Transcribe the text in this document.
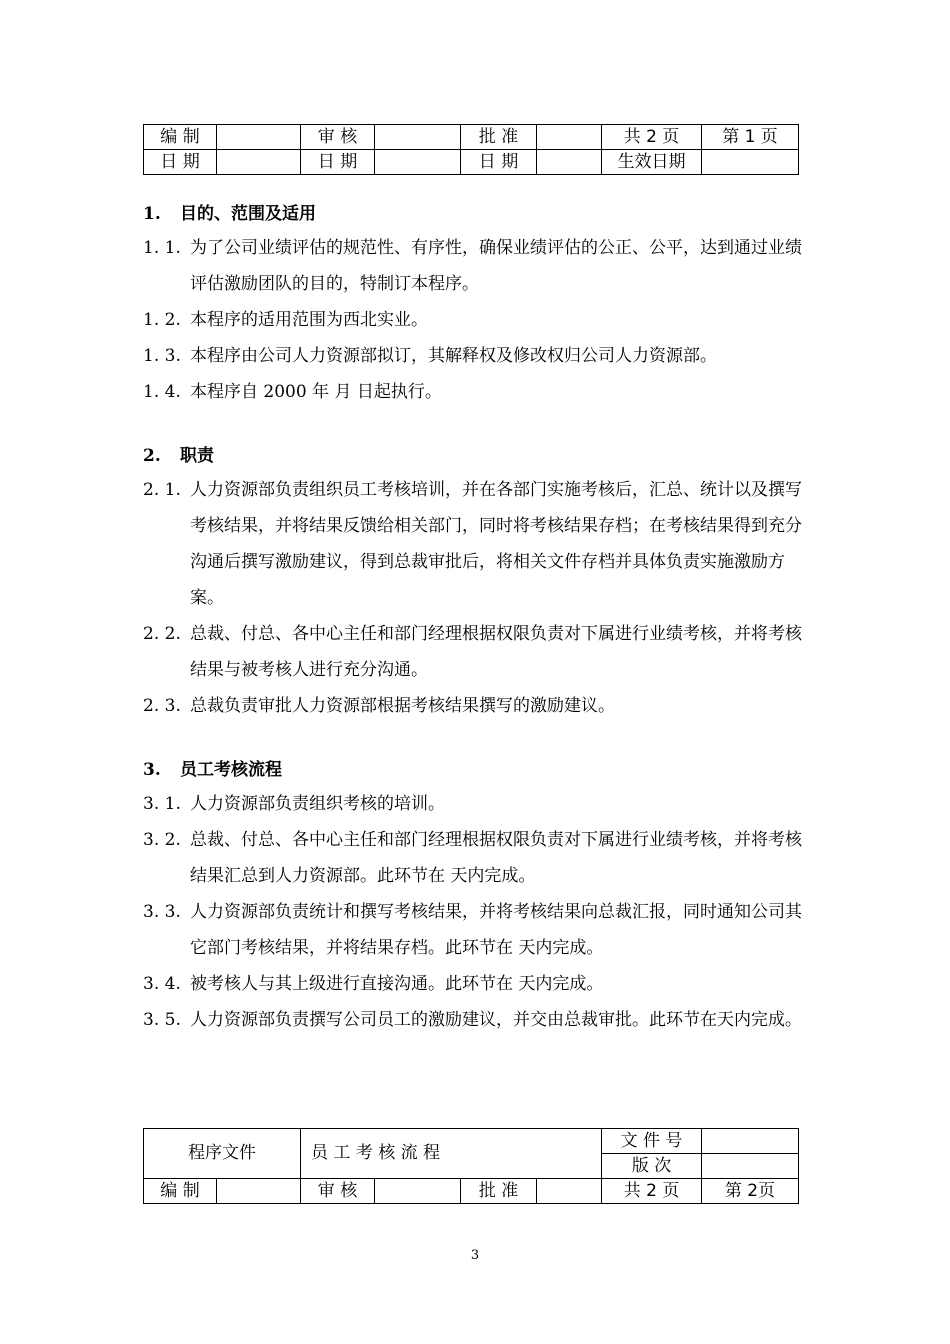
编 制		审 核		批 准		共 2 页	第 1 页
日 期		日 期		日 期		生效日期	
1. 目的、范围及适用
1. 1. 为了公司业绩评估的规范性、有序性，确保业绩评估的公正、公平，达到通过业绩评估激励团队的目的，特制订本程序。
1. 2. 本程序的适用范围为西北实业。
1. 3. 本程序由公司人力资源部拟订，其解释权及修改权归公司人力资源部。
1. 4. 本程序自 2000 年 月 日起执行。
2. 职责
2. 1. 人力资源部负责组织员工考核培训，并在各部门实施考核后，汇总、统计以及撰写考核结果，并将结果反馈给相关部门，同时将考核结果存档；在考核结果得到充分沟通后撰写激励建议，得到总裁审批后，将相关文件存档并具体负责实施激励方案。
2. 2. 总裁、付总、各中心主任和部门经理根据权限负责对下属进行业绩考核，并将考核结果与被考核人进行充分沟通。
2. 3. 总裁负责审批人力资源部根据考核结果撰写的激励建议。
3. 员工考核流程
3. 1. 人力资源部负责组织考核的培训。
3. 2. 总裁、付总、各中心主任和部门经理根据权限负责对下属进行业绩考核，并将考核结果汇总到人力资源部。此环节在 天内完成。
3. 3. 人力资源部负责统计和撰写考核结果，并将考核结果向总裁汇报，同时通知公司其它部门考核结果，并将结果存档。此环节在 天内完成。
3. 4. 被考核人与其上级进行直接沟通。此环节在 天内完成。
3. 5. 人力资源部负责撰写公司员工的激励建议，并交由总裁审批。此环节在天内完成。
程序文件		员 工 考 核 流 程				文 件 号	
						版 次	
编 制		审 核		批 准		共 2 页	第 2页
3
